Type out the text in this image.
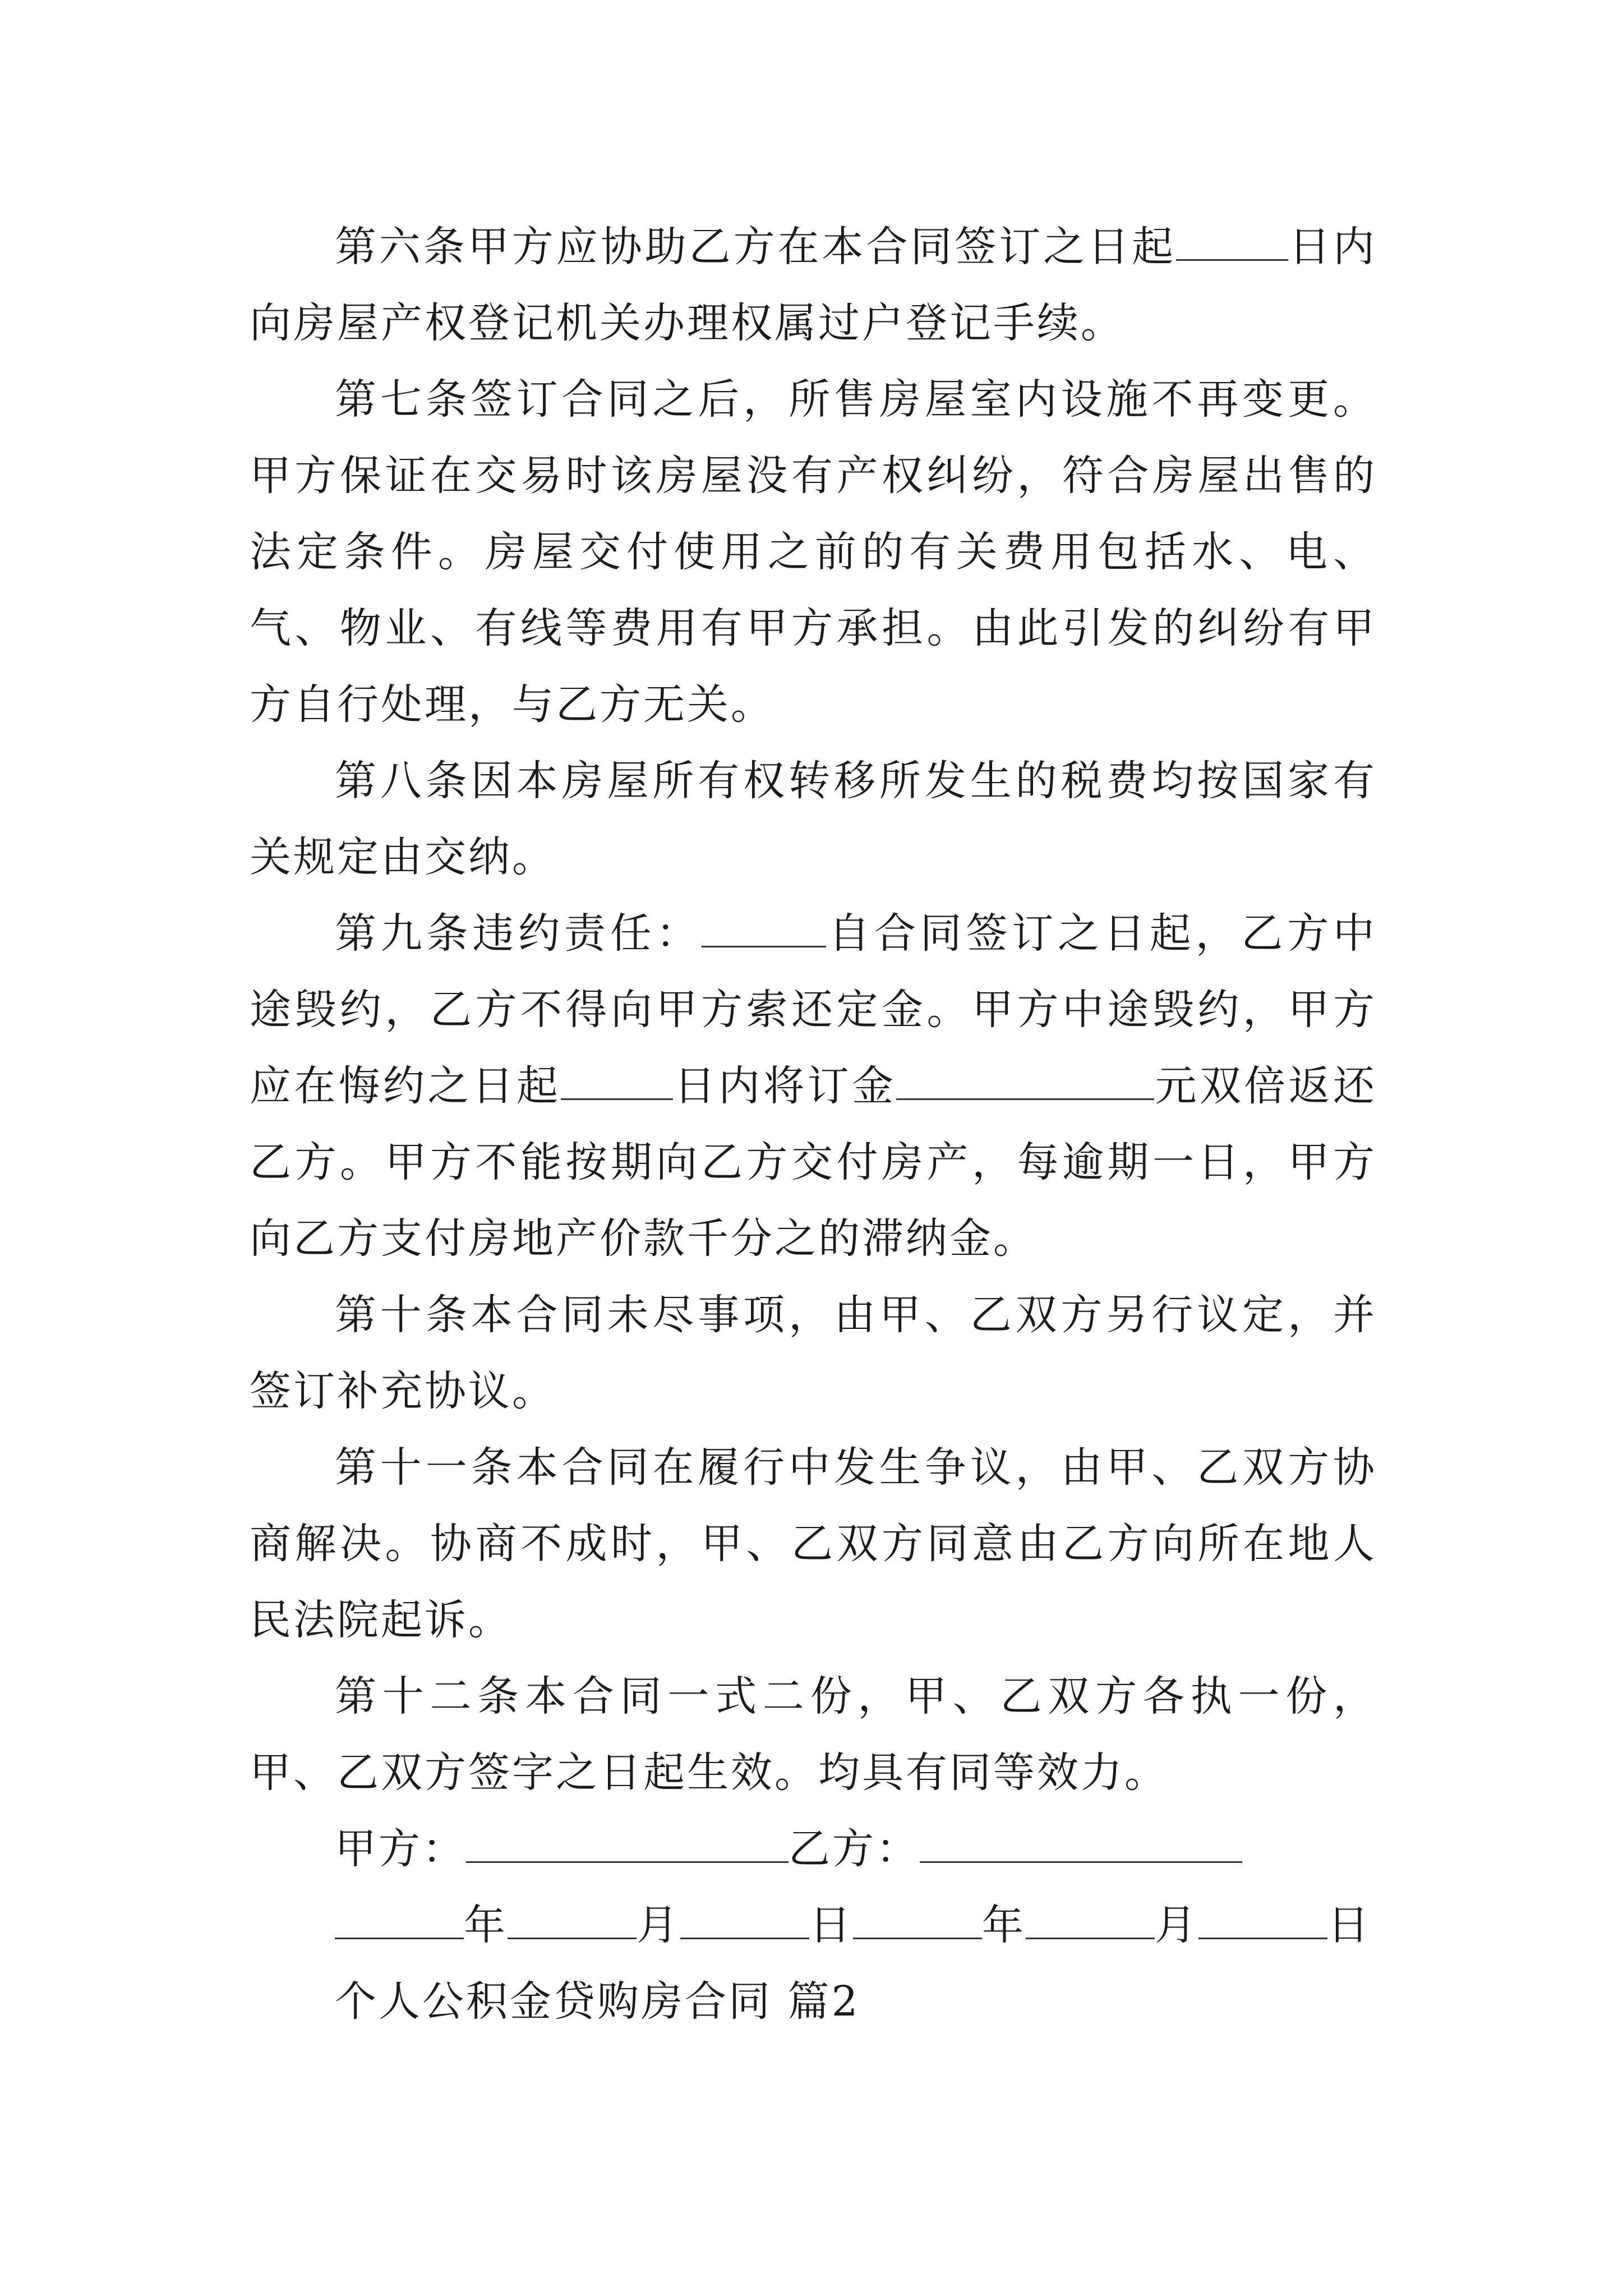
第六条甲方应协助乙方在本合同签订之日起	日内向房屋产权登记机关办理权属过户登记手续。

第七条签订合同之后，所售房屋室内设施不再变更。甲方保证在交易时该房屋没有产权纠纷，符合房屋出售的法定条件。房屋交付使用之前的有关费用包括水、电、气、物业、有线等费用有甲方承担。由此引发的纠纷有甲方自行处理，与乙方无关。

第八条因本房屋所有权转移所发生的税费均按国家有关规定由交纳。

第九条违约责任：	自合同签订之日起，乙方中途毁约，乙方不得向甲方索还定金。甲方中途毁约，甲方应在悔约之日起	日内将订金	元双倍返还乙方。甲方不能按期向乙方交付房产，每逾期一日，甲方向乙方支付房地产价款千分之的滞纳金。

第十条本合同未尽事项，由甲、乙双方另行议定，并签订补充协议。

第十一条本合同在履行中发生争议，由甲、乙双方协商解决。协商不成时，甲、乙双方同意由乙方向所在地人民法院起诉。

第十二条本合同一式二份，甲、乙双方各执一份，甲、乙双方签字之日起生效。均具有同等效力。

甲方：	乙方：

年	月	日	年	月	日

个人公积金贷购房合同 篇2
